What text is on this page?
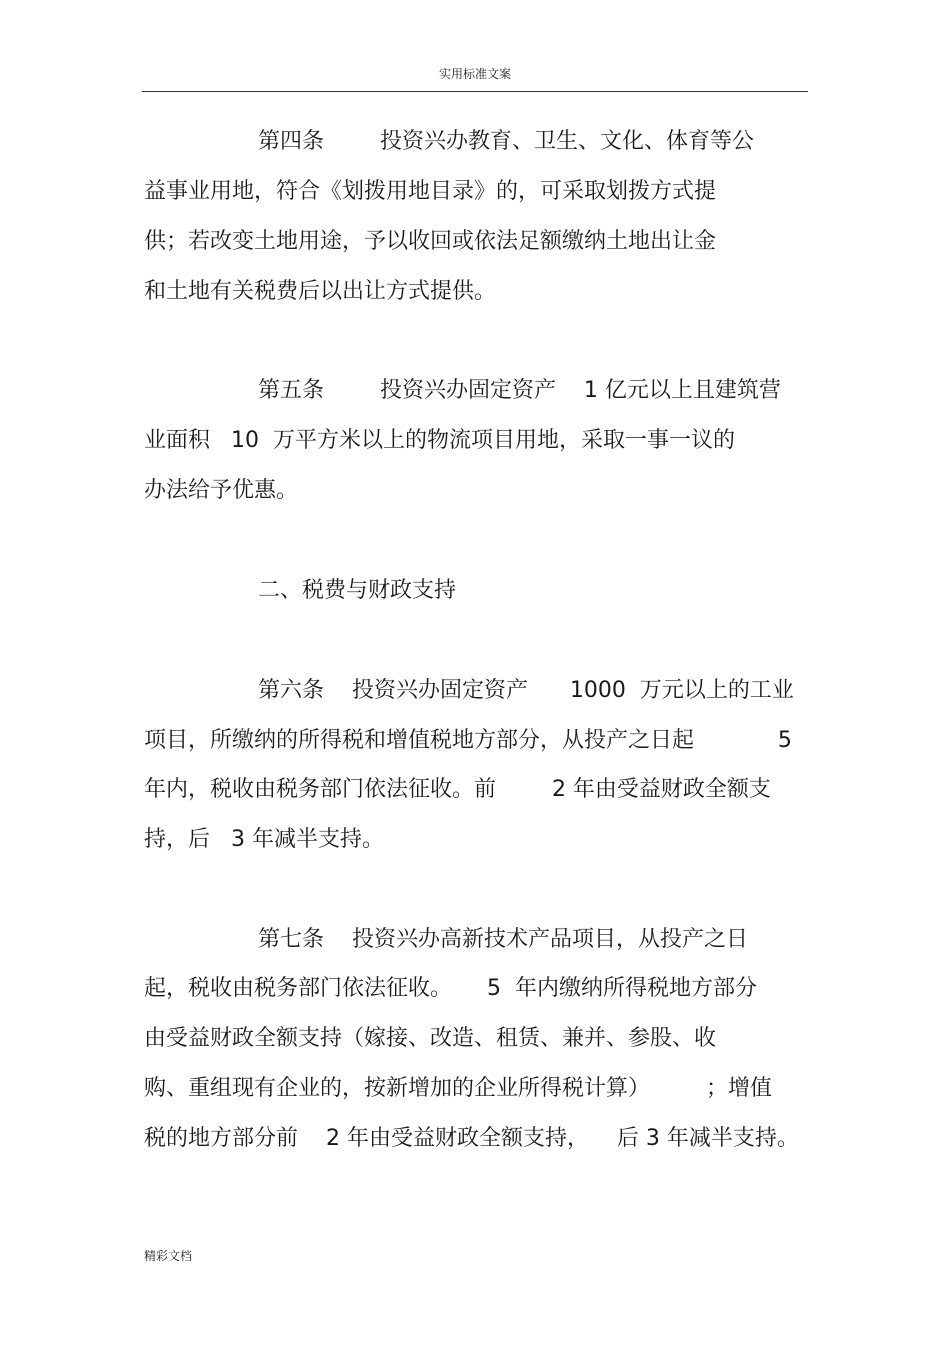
实用标准文案
第四条        投资兴办教育、卫生、文化、体育等公
益事业用地，符合《划拨用地目录》的，可采取划拨方式提
供；若改变土地用途，予以收回或依法足额缴纳土地出让金
和土地有关税费后以出让方式提供。
第五条        投资兴办固定资产    1 亿元以上且建筑营
业面积   10  万平方米以上的物流项目用地，采取一事一议的
办法给予优惠。
二、税费与财政支持
第六条    投资兴办固定资产      1000  万元以上的工业
项目，所缴纳的所得税和增值税地方部分，从投产之日起            5
年内，税收由税务部门依法征收。前        2 年由受益财政全额支
持，后   3 年减半支持。
第七条    投资兴办高新技术产品项目，从投产之日
起，税收由税务部门依法征收。     5  年内缴纳所得税地方部分
由受益财政全额支持（嫁接、改造、租赁、兼并、参股、收
购、重组现有企业的，按新增加的企业所得税计算）        ；增值
税的地方部分前    2 年由受益财政全额支持，    后 3 年减半支持。
精彩文档
